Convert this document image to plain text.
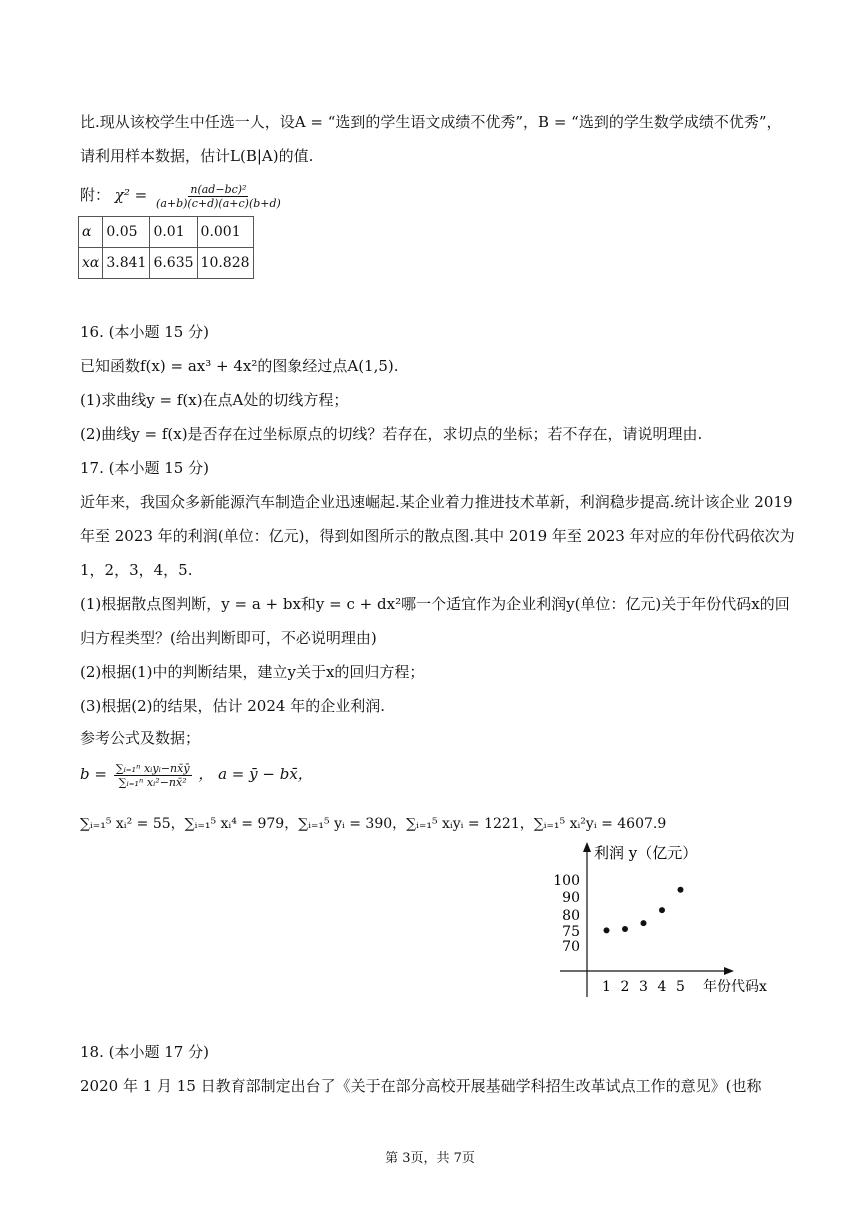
比.现从该校学生中任选一人，设A = “选到的学生语文成绩不优秀”，B = “选到的学生数学成绩不优秀”，
请利用样本数据，估计L(B|A)的值.
附： $\chi^2 = \frac{\text{n(ad−bc)²}}{(a+b)(c+d)(a+c)(b+d)}$
α	0.05	0.01	0.001
xα	3.841	6.635	10.828
16. (本小题 15 分)
已知函数f(x) = ax³ + 4x²的图象经过点A(1,5).
(1)求曲线y = f(x)在点A处的切线方程；
(2)曲线y = f(x)是否存在过坐标原点的切线？若存在，求切点的坐标；若不存在，请说明理由.
17. (本小题 15 分)
近年来，我国众多新能源汽车制造企业迅速崛起.某企业着力推进技术革新，利润稳步提高.统计该企业 2019
年至 2023 年的利润(单位：亿元)，得到如图所示的散点图.其中 2019 年至 2023 年对应的年份代码依次为
1，2，3，4，5.
(1)根据散点图判断，y = a + bx和y = c + dx²哪一个适宜作为企业利润y(单位：亿元)关于年份代码x的回
归方程类型？(给出判断即可，不必说明理由)
(2)根据(1)中的判断结果，建立y关于x的回归方程；
(3)根据(2)的结果，估计 2024 年的企业利润.
参考公式及数据；
$b = \frac{\text{∑ᵢ₌₁ⁿ xᵢyᵢ−nx̄ȳ}}{\text{∑ᵢ₌₁ⁿ xᵢ²−nx̄²}}$ ， a = ȳ − bx̄，
∑ᵢ₌₁⁵ xᵢ² = 55，∑ᵢ₌₁⁵ xᵢ⁴ = 979，∑ᵢ₌₁⁵ yᵢ = 390，∑ᵢ₌₁⁵ xᵢyᵢ = 1221，∑ᵢ₌₁⁵ xᵢ²yᵢ = 4607.9
利润 y（亿元）
年份代码x
70
75
80
90
100
1 2 3 4 5
18. (本小题 17 分)
2020 年 1 月 15 日教育部制定出台了《关于在部分高校开展基础学科招生改革试点工作的意见》(也称
第 3页，共 7页
